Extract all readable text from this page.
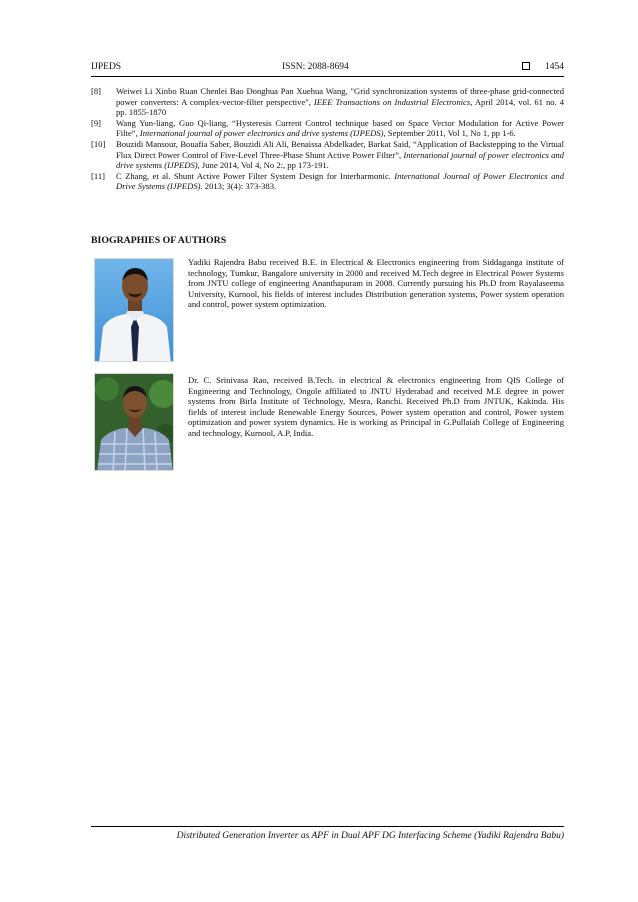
IJPEDS	ISSN: 2088-8694	1454
[8] Weiwei Li Xinbo Ruan Chenlei Bao Donghua Pan Xuehua Wang, "Grid synchronization systems of three-phase grid-connected power converters: A complex-vector-filter perspective", IEEE Transactions on Industrial Electronics, April 2014, vol. 61 no. 4 pp. 1855-1870
[9] Wang Yun-liang, Guo Qi-liang, “Hysteresis Current Control technique based on Space Vector Modulation for Active Power Filte”, International journal of power electronics and drive systems (IJPEDS), September 2011, Vol 1, No 1, pp 1-6.
[10] Bouzidi Mansour, Bouafia Saber, Bouzidi Ali Ali, Benaissa Abdelkader, Barkat Said, “Application of Backstepping to the Virtual Flux Direct Power Control of Five-Level Three-Phase Shunt Active Power Filter”, International journal of power electronics and drive systems (IJPEDS), June 2014, Vol 4, No 2:, pp 173-191.
[11] C Zhang, et al. Shunt Active Power Filter System Design for Interharmonic. International Journal of Power Electronics and Drive Systems (IJPEDS). 2013; 3(4): 373-383.
BIOGRAPHIES OF AUTHORS
Yadiki Rajendra Babu received B.E. in Electrical & Electronics engineering from Siddaganga institute of technology, Tumkur, Bangalore university in 2000 and received M.Tech degree in Electrical Power Systems from JNTU college of engineering Ananthapuram in 2008. Currently pursuing his Ph.D from Rayalaseema University, Kurnool, his fields of interest includes Distribution generation systems, Power system operation and control, power system optimization.
Dr. C. Srinivasa Rao, received B.Tech. in electrical & electronics engineering from QIS College of Engineering and Technology, Ongole affiliated to JNTU Hyderabad and received M.E degree in power systems from Birla Institute of Technology, Mesra, Ranchi. Received Ph.D from JNTUK, Kakinda. His fields of interest include Renewable Energy Sources, Power system operation and control, Power system optimization and power system dynamics. He is working as Principal in G.Pullaiah College of Engineering and technology, Kurnool, A.P, India.
Distributed Generation Inverter as APF in Dual APF DG Interfacing Scheme (Yadiki Rajendra Babu)
